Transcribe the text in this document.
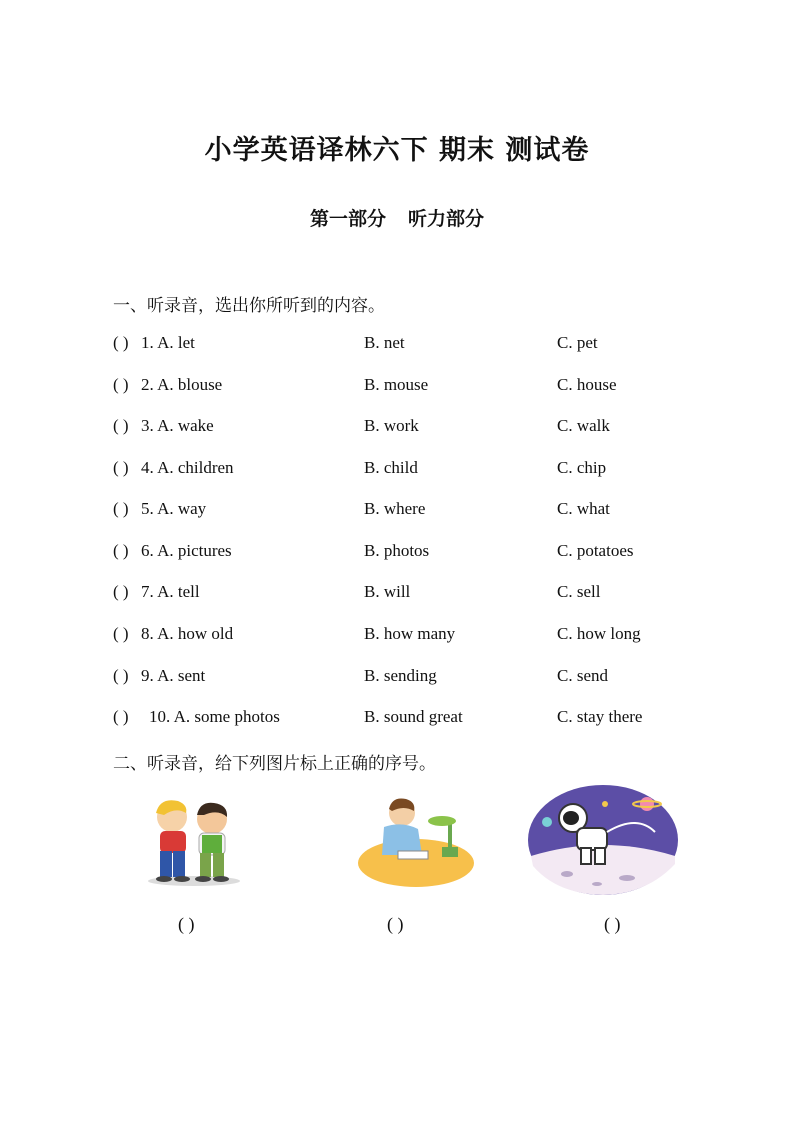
小学英语译林六下 期末 测试卷
第一部分 听力部分
一、听录音，选出你所听到的内容。
( ) 1. A. let	B. net	C. pet
( ) 2. A. blouse	B. mouse	C. house
( ) 3. A. wake	B. work	C. walk
( ) 4. A. children	B. child	C. chip
( ) 5. A. way	B. where	C. what
( ) 6. A. pictures	B. photos	C. potatoes
( ) 7. A. tell	B. will	C. sell
( ) 8. A. how old	B. how many	C. how long
( ) 9. A. sent	B. sending	C. send
( ) 10. A. some photos	B. sound great	C. stay there
二、听录音，给下列图片标上正确的序号。
( )	( )	( )
